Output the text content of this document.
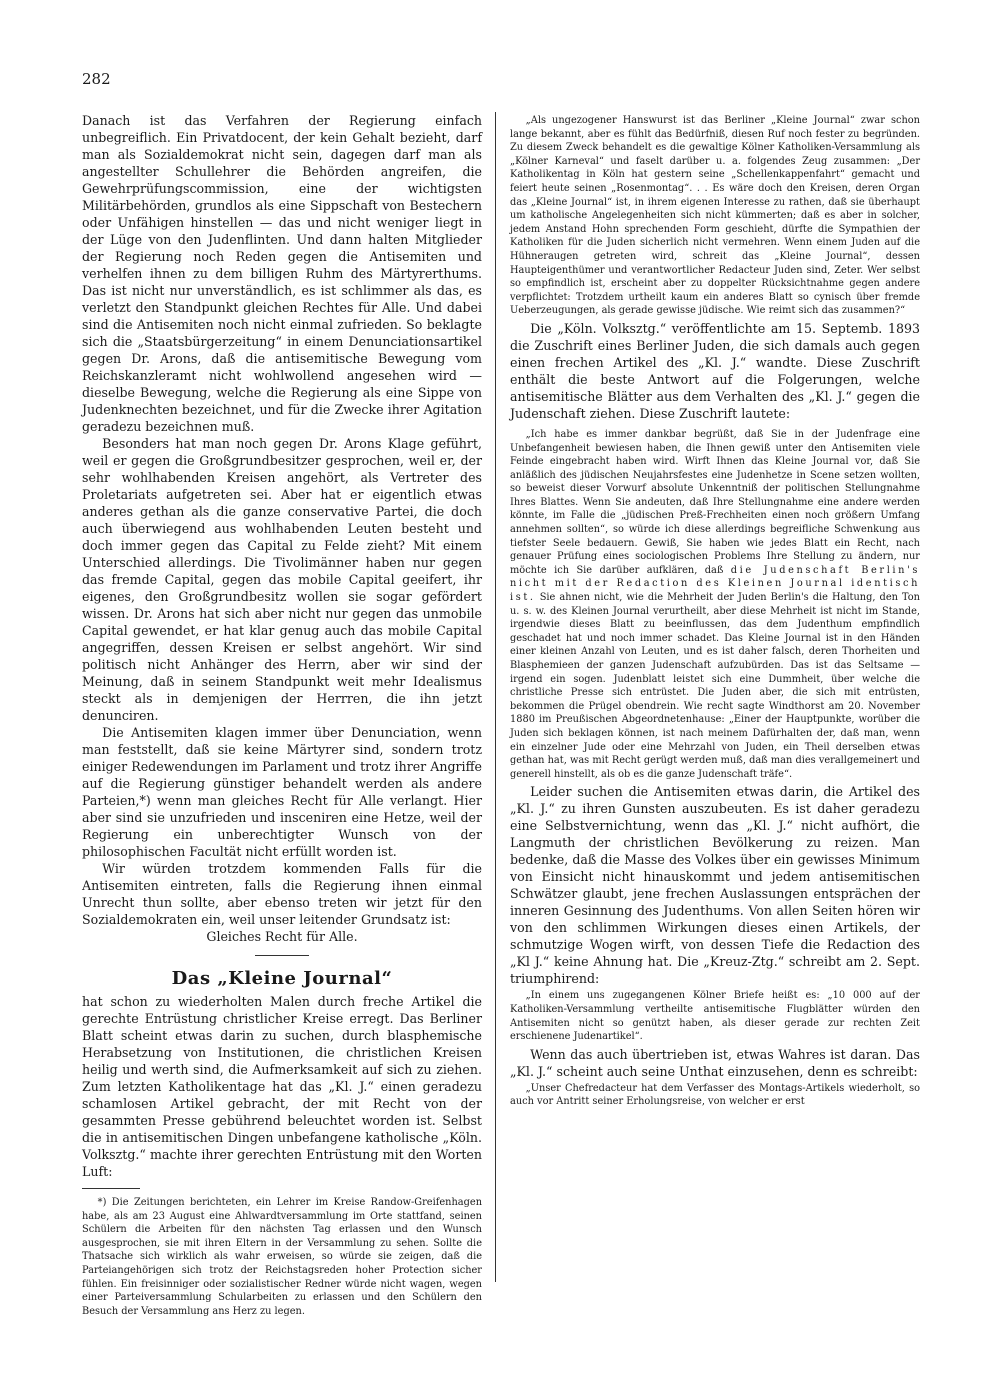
282

Danach ist das Verfahren der Regierung einfach unbegreiflich. Ein Privatdocent, der kein Gehalt bezieht, darf man als Sozialdemokrat nicht sein, dagegen darf man als angestellter Schullehrer die Behörden angreifen, die Gewehrprüfungscommission, eine der wichtigsten Militärbehörden, grundlos als eine Sippschaft von Bestechern oder Unfähigen hinstellen — das und nicht weniger liegt in der Lüge von den Judenflinten. Und dann halten Mitglieder der Regierung noch Reden gegen die Antisemiten und verhelfen ihnen zu dem billigen Ruhm des Märtyrerthums. Das ist nicht nur unverständlich, es ist schlimmer als das, es verletzt den Standpunkt gleichen Rechtes für Alle. Und dabei sind die Antisemiten noch nicht einmal zufrieden. So beklagte sich die „Staatsbürgerzeitung“ in einem Denunciationsartikel gegen Dr. Arons, daß die antisemitische Bewegung vom Reichskanzleramt nicht wohlwollend angesehen wird — dieselbe Bewegung, welche die Regierung als eine Sippe von Judenknechten bezeichnet, und für die Zwecke ihrer Agitation geradezu bezeichnen muß.

Besonders hat man noch gegen Dr. Arons Klage geführt, weil er gegen die Großgrundbesitzer gesprochen, weil er, der sehr wohlhabenden Kreisen angehört, als Vertreter des Proletariats aufgetreten sei. Aber hat er eigentlich etwas anderes gethan als die ganze conservative Partei, die doch auch überwiegend aus wohlhabenden Leuten besteht und doch immer gegen das Capital zu Felde zieht? Mit einem Unterschied allerdings. Die Tivolimänner haben nur gegen das fremde Capital, gegen das mobile Capital geeifert, ihr eigenes, den Großgrundbesitz wollen sie sogar gefördert wissen. Dr. Arons hat sich aber nicht nur gegen das unmobile Capital gewendet, er hat klar genug auch das mobile Capital angegriffen, dessen Kreisen er selbst angehört. Wir sind politisch nicht Anhänger des Herrn, aber wir sind der Meinung, daß in seinem Standpunkt weit mehr Idealismus steckt als in demjenigen der Herrren, die ihn jetzt denunciren.

Die Antisemiten klagen immer über Denunciation, wenn man feststellt, daß sie keine Märtyrer sind, sondern trotz einiger Redewendungen im Parlament und trotz ihrer Angriffe auf die Regierung günstiger behandelt werden als andere Parteien,*) wenn man gleiches Recht für Alle verlangt. Hier aber sind sie unzufrieden und insceniren eine Hetze, weil der Regierung ein unberechtigter Wunsch von der philosophischen Facultät nicht erfüllt worden ist.

Wir würden trotzdem kommenden Falls für die Antisemiten eintreten, falls die Regierung ihnen einmal Unrecht thun sollte, aber ebenso treten wir jetzt für den Sozialdemokraten ein, weil unser leitender Grundsatz ist:

Gleiches Recht für Alle.

Das „Kleine Journal“

hat schon zu wiederholten Malen durch freche Artikel die gerechte Entrüstung christlicher Kreise erregt. Das Berliner Blatt scheint etwas darin zu suchen, durch blasphemische Herabsetzung von Institutionen, die christlichen Kreisen heilig und werth sind, die Aufmerksamkeit auf sich zu ziehen. Zum letzten Katholikentage hat das „Kl. J.“ einen geradezu schamlosen Artikel gebracht, der mit Recht von der gesammten Presse gebührend beleuchtet worden ist. Selbst die in antisemitischen Dingen unbefangene katholische „Köln. Volksztg.“ machte ihrer gerechten Entrüstung mit den Worten Luft:

*) Die Zeitungen berichteten, ein Lehrer im Kreise Randow-Greifenhagen habe, als am 23 August eine Ahlwardtversammlung im Orte stattfand, seinen Schülern die Arbeiten für den nächsten Tag erlassen und den Wunsch ausgesprochen, sie mit ihren Eltern in der Versammlung zu sehen. Sollte die Thatsache sich wirklich als wahr erweisen, so würde sie zeigen, daß die Parteiangehörigen sich trotz der Reichstagsreden hoher Protection sicher fühlen. Ein freisinniger oder sozialistischer Redner würde nicht wagen, wegen einer Parteiversammlung Schularbeiten zu erlassen und den Schülern den Besuch der Versammlung ans Herz zu legen.

„Als ungezogener Hanswurst ist das Berliner „Kleine Journal“ zwar schon lange bekannt, aber es fühlt das Bedürfniß, diesen Ruf noch fester zu begründen. Zu diesem Zweck behandelt es die gewaltige Kölner Katholiken-Versammlung als „Kölner Karneval“ und faselt darüber u. a. folgendes Zeug zusammen: „Der Katholikentag in Köln hat gestern seine „Schellenkappenfahrt“ gemacht und feiert heute seinen „Rosenmontag“. . . Es wäre doch den Kreisen, deren Organ das „Kleine Journal“ ist, in ihrem eigenen Interesse zu rathen, daß sie überhaupt um katholische Angelegenheiten sich nicht kümmerten; daß es aber in solcher, jedem Anstand Hohn sprechenden Form geschieht, dürfte die Sympathien der Katholiken für die Juden sicherlich nicht vermehren. Wenn einem Juden auf die Hühneraugen getreten wird, schreit das „Kleine Journal“, dessen Haupteigenthümer und verantwortlicher Redacteur Juden sind, Zeter. Wer selbst so empfindlich ist, erscheint aber zu doppelter Rücksichtnahme gegen andere verpflichtet: Trotzdem urtheilt kaum ein anderes Blatt so cynisch über fremde Ueberzeugungen, als gerade gewisse jüdische. Wie reimt sich das zusammen?“

Die „Köln. Volksztg.“ veröffentlichte am 15. Septemb. 1893 die Zuschrift eines Berliner Juden, die sich damals auch gegen einen frechen Artikel des „Kl. J.“ wandte. Diese Zuschrift enthält die beste Antwort auf die Folgerungen, welche antisemitische Blätter aus dem Verhalten des „Kl. J.“ gegen die Judenschaft ziehen. Diese Zuschrift lautete:

„Ich habe es immer dankbar begrüßt, daß Sie in der Judenfrage eine Unbefangenheit bewiesen haben, die Ihnen gewiß unter den Antisemiten viele Feinde eingebracht haben wird. Wirft Ihnen das Kleine Journal vor, daß Sie anläßlich des jüdischen Neujahrsfestes eine Judenhetze in Scene setzen wollten, so beweist dieser Vorwurf absolute Unkenntniß der politischen Stellungnahme Ihres Blattes. Wenn Sie andeuten, daß Ihre Stellungnahme eine andere werden könnte, im Falle die „jüdischen Preß-Frechheiten einen noch größern Umfang annehmen sollten“, so würde ich diese allerdings begreifliche Schwenkung aus tiefster Seele bedauern. Gewiß, Sie haben wie jedes Blatt ein Recht, nach genauer Prüfung eines sociologischen Problems Ihre Stellung zu ändern, nur möchte ich Sie darüber aufklären, daß die Judenschaft Berlin's nicht mit der Redaction des Kleinen Journal identisch ist. Sie ahnen nicht, wie die Mehrheit der Juden Berlin's die Haltung, den Ton u. s. w. des Kleinen Journal verurtheilt, aber diese Mehrheit ist nicht im Stande, irgendwie dieses Blatt zu beeinflussen, das dem Judenthum empfindlich geschadet hat und noch immer schadet. Das Kleine Journal ist in den Händen einer kleinen Anzahl von Leuten, und es ist daher falsch, deren Thorheiten und Blasphemieen der ganzen Judenschaft aufzubürden. Das ist das Seltsame — irgend ein sogen. Judenblatt leistet sich eine Dummheit, über welche die christliche Presse sich entrüstet. Die Juden aber, die sich mit entrüsten, bekommen die Prügel obendrein. Wie recht sagte Windthorst am 20. November 1880 im Preußischen Abgeordnetenhause: „Einer der Hauptpunkte, worüber die Juden sich beklagen können, ist nach meinem Dafürhalten der, daß man, wenn ein einzelner Jude oder eine Mehrzahl von Juden, ein Theil derselben etwas gethan hat, was mit Recht gerügt werden muß, daß man dies verallgemeinert und generell hinstellt, als ob es die ganze Judenschaft träfe“.

Leider suchen die Antisemiten etwas darin, die Artikel des „Kl. J.“ zu ihren Gunsten auszubeuten. Es ist daher geradezu eine Selbstvernichtung, wenn das „Kl. J.“ nicht aufhört, die Langmuth der christlichen Bevölkerung zu reizen. Man bedenke, daß die Masse des Volkes über ein gewisses Minimum von Einsicht nicht hinauskommt und jedem antisemitischen Schwätzer glaubt, jene frechen Auslassungen entsprächen der inneren Gesinnung des Judenthums. Von allen Seiten hören wir von den schlimmen Wirkungen dieses einen Artikels, der schmutzige Wogen wirft, von dessen Tiefe die Redaction des „Kl J.“ keine Ahnung hat. Die „Kreuz-Ztg.“ schreibt am 2. Sept. triumphirend:

„In einem uns zugegangenen Kölner Briefe heißt es: „10 000 auf der Katholiken-Versammlung vertheilte antisemitische Flugblätter würden den Antisemiten nicht so genützt haben, als dieser gerade zur rechten Zeit erschienene Judenartikel“.

Wenn das auch übertrieben ist, etwas Wahres ist daran. Das „Kl. J.“ scheint auch seine Unthat einzusehen, denn es schreibt:

„Unser Chefredacteur hat dem Verfasser des Montags-Artikels wiederholt, so auch vor Antritt seiner Erholungsreise, von welcher er erst
